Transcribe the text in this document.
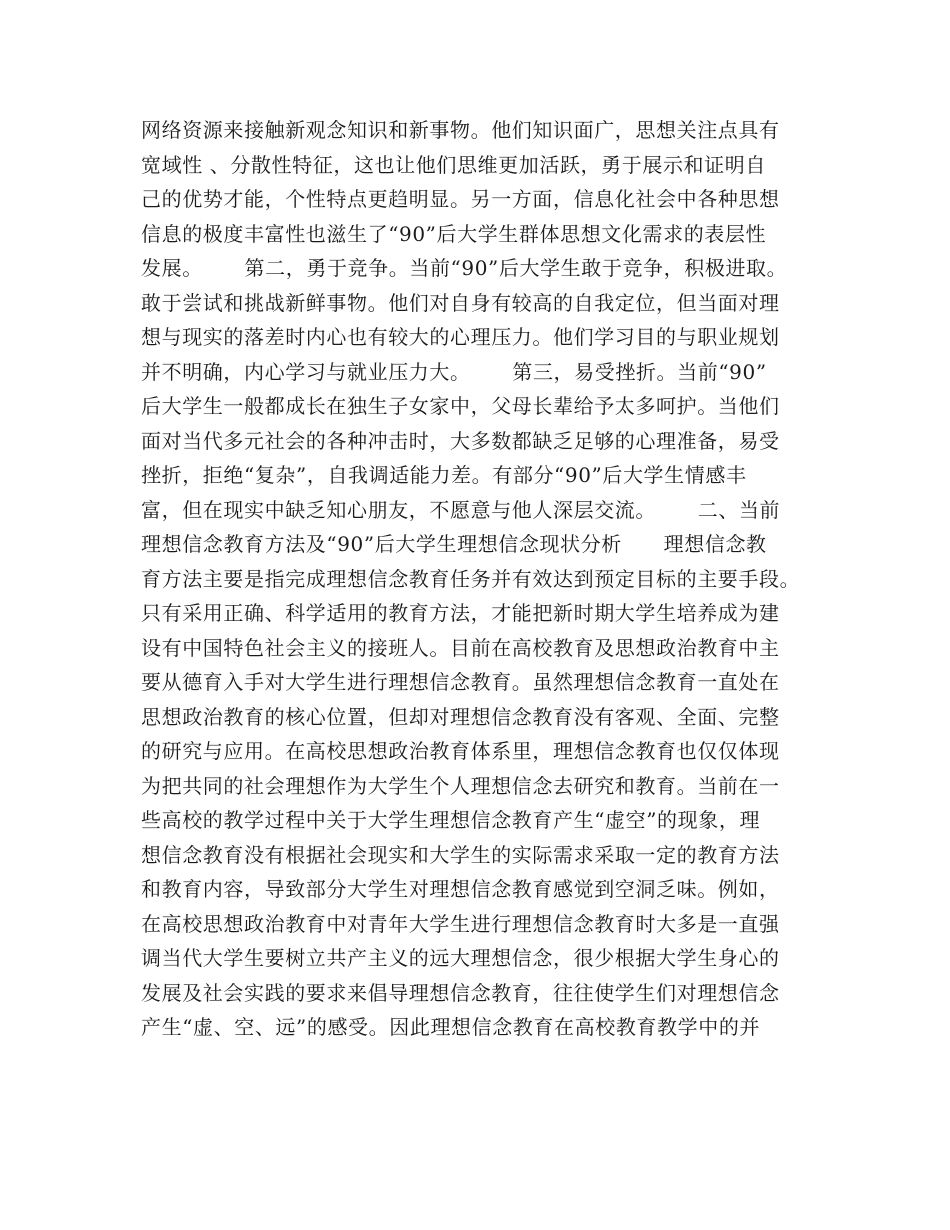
网络资源来接触新观念知识和新事物。他们知识面广，思想关注点具有
宽域性 、分散性特征，这也让他们思维更加活跃，勇于展示和证明自
己的优势才能，个性特点更趋明显。另一方面，信息化社会中各种思想
信息的极度丰富性也滋生了“90”后大学生群体思想文化需求的表层性
发展。      第二，勇于竞争。当前“90”后大学生敢于竞争，积极进取。
敢于尝试和挑战新鲜事物。他们对自身有较高的自我定位，但当面对理
想与现实的落差时内心也有较大的心理压力。他们学习目的与职业规划
并不明确，内心学习与就业压力大。      第三，易受挫折。当前“90”
后大学生一般都成长在独生子女家中，父母长辈给予太多呵护。当他们
面对当代多元社会的各种冲击时，大多数都缺乏足够的心理准备，易受
挫折，拒绝“复杂”，自我调适能力差。有部分“90”后大学生情感丰
富，但在现实中缺乏知心朋友，不愿意与他人深层交流。      二、当前
理想信念教育方法及“90”后大学生理想信念现状分析      理想信念教
育方法主要是指完成理想信念教育任务并有效达到预定目标的主要手段。
只有采用正确、科学适用的教育方法，才能把新时期大学生培养成为建
设有中国特色社会主义的接班人。目前在高校教育及思想政治教育中主
要从德育入手对大学生进行理想信念教育。虽然理想信念教育一直处在
思想政治教育的核心位置，但却对理想信念教育没有客观、全面、完整
的研究与应用。在高校思想政治教育体系里，理想信念教育也仅仅体现
为把共同的社会理想作为大学生个人理想信念去研究和教育。当前在一
些高校的教学过程中关于大学生理想信念教育产生“虚空”的现象，理
想信念教育没有根据社会现实和大学生的实际需求采取一定的教育方法
和教育内容，导致部分大学生对理想信念教育感觉到空洞乏味。例如，
在高校思想政治教育中对青年大学生进行理想信念教育时大多是一直强
调当代大学生要树立共产主义的远大理想信念，很少根据大学生身心的
发展及社会实践的要求来倡导理想信念教育，往往使学生们对理想信念
产生“虚、空、远”的感受。因此理想信念教育在高校教育教学中的并
